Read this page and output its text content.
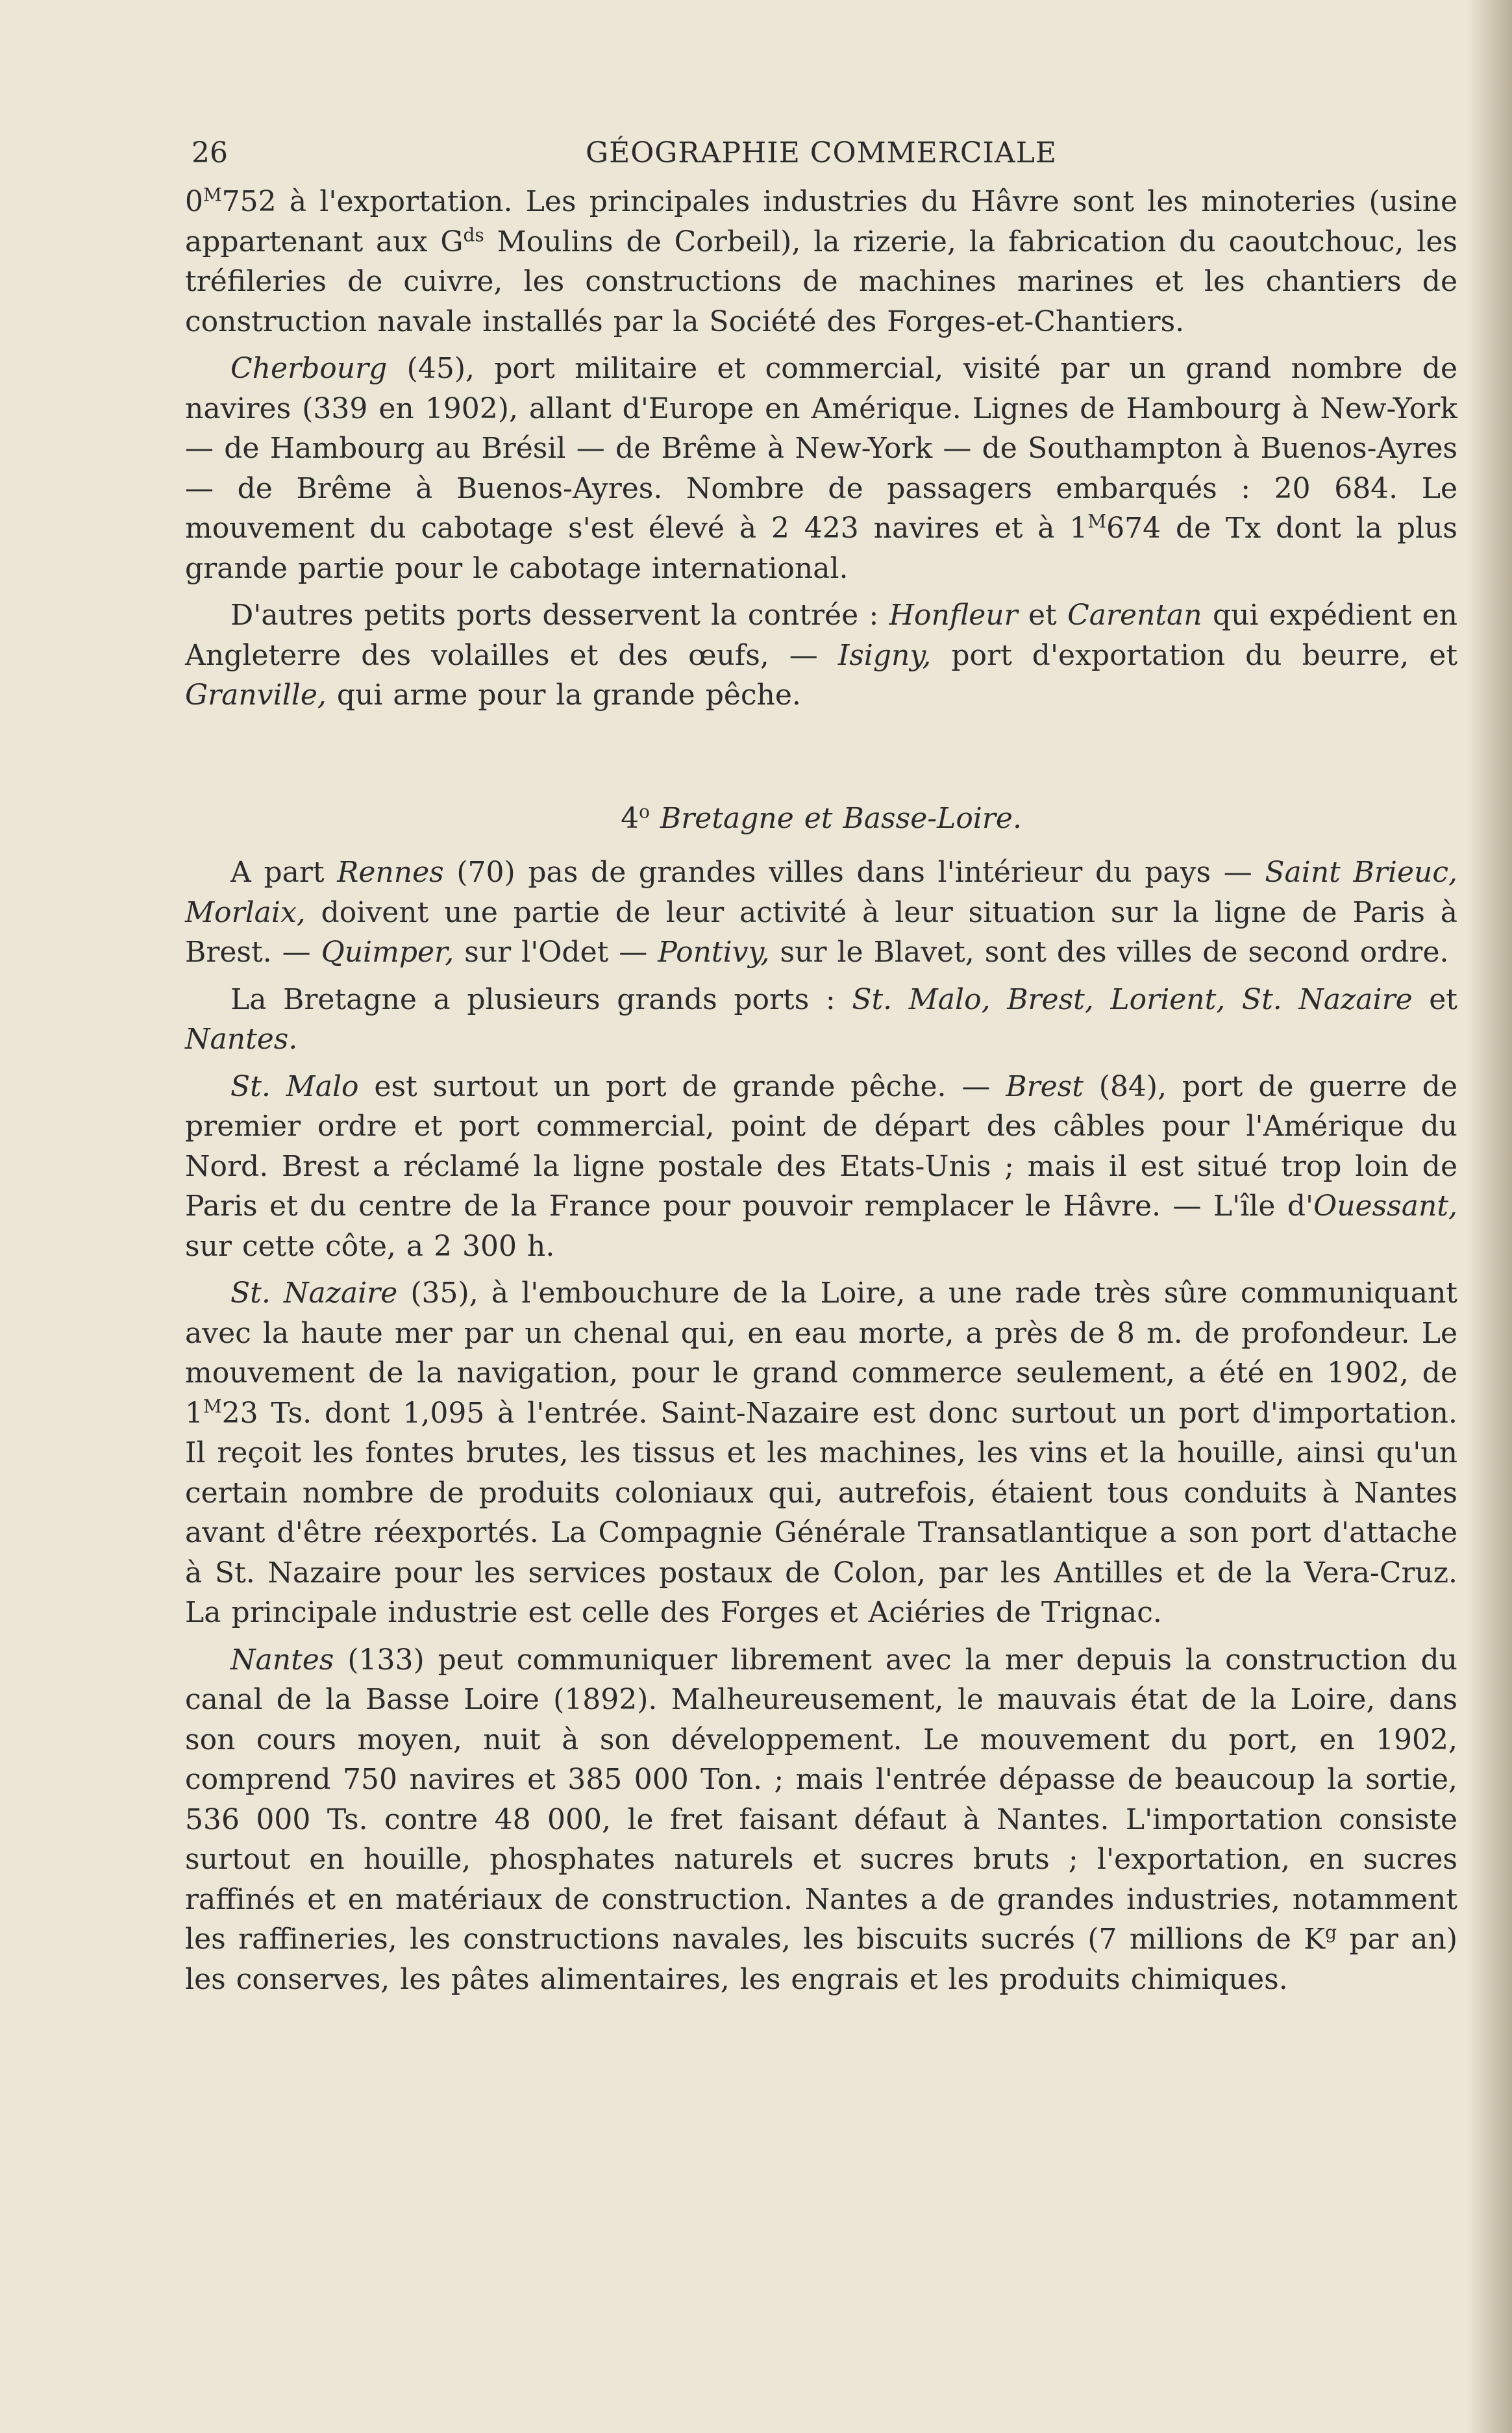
26	GÉOGRAPHIE COMMERCIALE

$0^M752$ à l'exportation. Les principales industries du Hâvre sont les minoteries (usine appartenant aux $G^{ds}$ Moulins de Corbeil), la rizerie, la fabrication du caoutchouc, les tréfileries de cuivre, les constructions de machines marines et les chantiers de construction navale installés par la Société des Forges-et-Chantiers.

Cherbourg (45), port militaire et commercial, visité par un grand nombre de navires (339 en 1902), allant d'Europe en Amérique. Lignes de Hambourg à New-York — de Hambourg au Brésil — de Brême à New-York — de Southampton à Buenos-Ayres — de Brême à Buenos-Ayres. Nombre de passagers embarqués : 20 684. Le mouvement du cabotage s'est élevé à 2 423 navires et à $1^M674$ de Tx dont la plus grande partie pour le cabotage international.

D'autres petits ports desservent la contrée : Honfleur et Carentan qui expédient en Angleterre des volailles et des œufs, — Isigny, port d'exportation du beurre, et Granville, qui arme pour la grande pêche.

4$^o$ Bretagne et Basse-Loire.

A part Rennes (70) pas de grandes villes dans l'intérieur du pays — Saint Brieuc, Morlaix, doivent une partie de leur activité à leur situation sur la ligne de Paris à Brest. — Quimper, sur l'Odet — Pontivy, sur le Blavet, sont des villes de second ordre.

La Bretagne a plusieurs grands ports : St. Malo, Brest, Lorient, St. Nazaire et Nantes.

St. Malo est surtout un port de grande pêche. — Brest (84), port de guerre de premier ordre et port commercial, point de départ des câbles pour l'Amérique du Nord. Brest a réclamé la ligne postale des Etats-Unis ; mais il est situé trop loin de Paris et du centre de la France pour pouvoir remplacer le Hâvre. — L'île d'Ouessant, sur cette côte, a 2 300 h.

St. Nazaire (35), à l'embouchure de la Loire, a une rade très sûre communiquant avec la haute mer par un chenal qui, en eau morte, a près de 8 m. de profondeur. Le mouvement de la navigation, pour le grand commerce seulement, a été en 1902, de $1^M23$ Ts. dont 1,095 à l'entrée. Saint-Nazaire est donc surtout un port d'importation. Il reçoit les fontes brutes, les tissus et les machines, les vins et la houille, ainsi qu'un certain nombre de produits coloniaux qui, autrefois, étaient tous conduits à Nantes avant d'être réexportés. La Compagnie Générale Transatlantique a son port d'attache à St. Nazaire pour les services postaux de Colon, par les Antilles et de la Vera-Cruz. La principale industrie est celle des Forges et Aciéries de Trignac.

Nantes (133) peut communiquer librement avec la mer depuis la construction du canal de la Basse Loire (1892). Malheureusement, le mauvais état de la Loire, dans son cours moyen, nuit à son développement. Le mouvement du port, en 1902, comprend 750 navires et 385 000 Ton. ; mais l'entrée dépasse de beaucoup la sortie, 536 000 Ts. contre 48 000, le fret faisant défaut à Nantes. L'importation consiste surtout en houille, phosphates naturels et sucres bruts ; l'exportation, en sucres raffinés et en matériaux de construction. Nantes a de grandes industries, notamment les raffineries, les constructions navales, les biscuits sucrés (7 millions de $K^g$ par an) les conserves, les pâtes alimentaires, les engrais et les produits chimiques.
